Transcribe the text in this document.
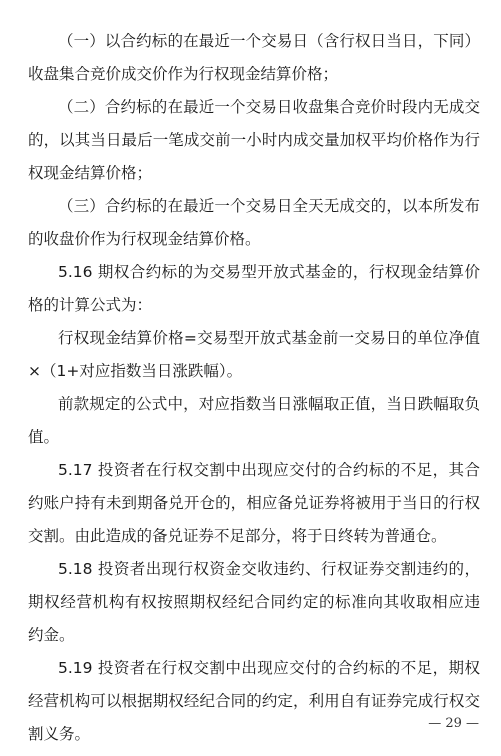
（一）以合约标的在最近一个交易日（含行权日当日，下同）
收盘集合竞价成交价作为行权现金结算价格；
（二）合约标的在最近一个交易日收盘集合竞价时段内无成交
的，以其当日最后一笔成交前一小时内成交量加权平均价格作为行
权现金结算价格；
（三）合约标的在最近一个交易日全天无成交的，以本所发布
的收盘价作为行权现金结算价格。
5.16 期权合约标的为交易型开放式基金的，行权现金结算价
格的计算公式为：
行权现金结算价格=交易型开放式基金前一交易日的单位净值
×（1+对应指数当日涨跌幅）。
前款规定的公式中，对应指数当日涨幅取正值，当日跌幅取负
值。
5.17 投资者在行权交割中出现应交付的合约标的不足，其合
约账户持有未到期备兑开仓的，相应备兑证券将被用于当日的行权
交割。由此造成的备兑证券不足部分，将于日终转为普通仓。
5.18 投资者出现行权资金交收违约、行权证券交割违约的，
期权经营机构有权按照期权经纪合同约定的标准向其收取相应违
约金。
5.19 投资者在行权交割中出现应交付的合约标的不足，期权
经营机构可以根据期权经纪合同的约定，利用自有证券完成行权交
割义务。
— 29 —
